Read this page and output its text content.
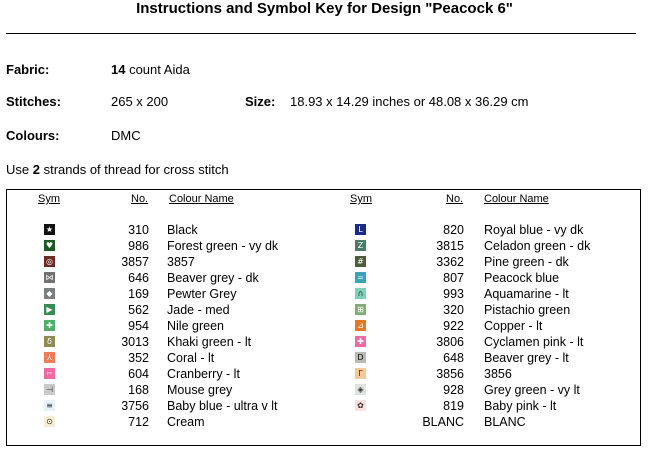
Instructions and Symbol Key for Design "Peacock 6"
Fabric:	14 count Aida
Stitches:	265 x 200	Size: 18.93 x 14.29 inches or 48.08 x 36.29 cm
Colours:	DMC
Use 2 strands of thread for cross stitch
Sym	No. Colour Name	Sym	No. Colour Name
★	310 Black
♥	986 Forest green - vy dk
◎	3857 3857
⋈	646 Beaver grey - dk
◆	169 Pewter Grey
▶	562 Jade - med
✚	954 Nile green
δ	3013 Khaki green - lt
⅄	352 Coral - lt
⌐	604 Cranberry - lt
⊣	168 Mouse grey
≡	3756 Baby blue - ultra v lt
⊙	712 Cream
L	820 Royal blue - vy dk
Z	3815 Celadon green - dk
#	3362 Pine green - dk
=	807 Peacock blue
∩	993 Aquamarine - lt
⊞	320 Pistachio green
⊿	922 Copper - lt
✚	3806 Cyclamen pink - lt
D	648 Beaver grey - lt
Γ	3856 3856
◈	928 Grey green - vy lt
✿	819 Baby pink - lt
BLANC BLANC
